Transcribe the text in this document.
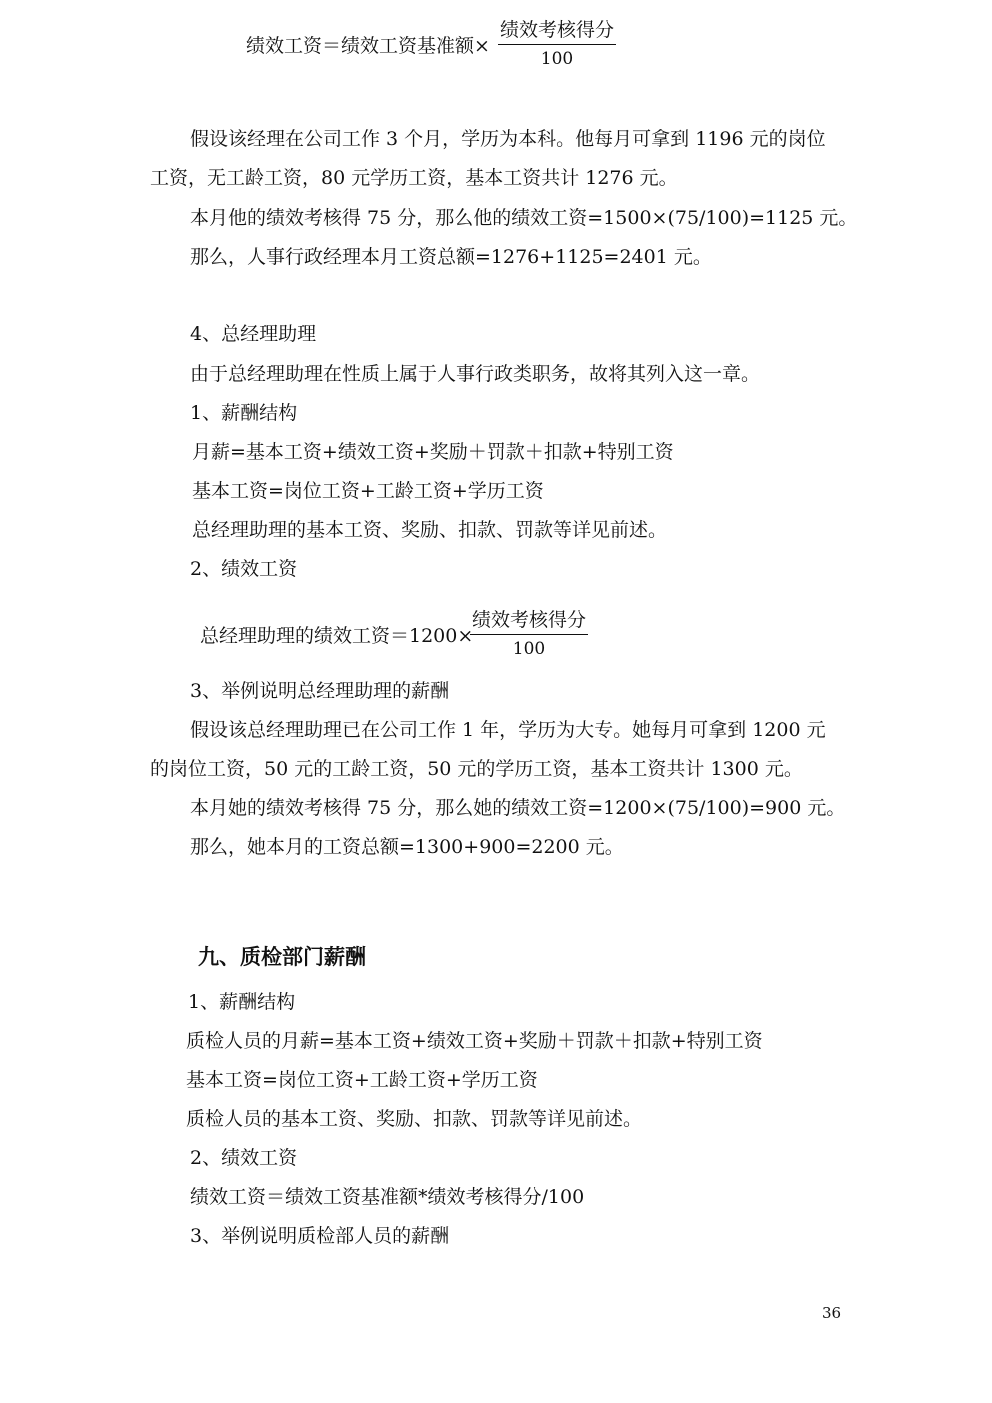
绩效工资＝绩效工资基准额×
绩效考核得分
100
假设该经理在公司工作 3 个月，学历为本科。他每月可拿到 1196 元的岗位
工资，无工龄工资，80 元学历工资，基本工资共计 1276 元。
本月他的绩效考核得 75 分，那么他的绩效工资=1500×(75/100)=1125 元。
那么，人事行政经理本月工资总额=1276+1125=2401 元。
4、总经理助理
由于总经理助理在性质上属于人事行政类职务，故将其列入这一章。
1、薪酬结构
月薪=基本工资+绩效工资+奖励＋罚款＋扣款+特别工资
基本工资=岗位工资+工龄工资+学历工资
总经理助理的基本工资、奖励、扣款、罚款等详见前述。
2、绩效工资
总经理助理的绩效工资＝1200×
绩效考核得分
100
3、举例说明总经理助理的薪酬
假设该总经理助理已在公司工作 1 年，学历为大专。她每月可拿到 1200 元
的岗位工资，50 元的工龄工资，50 元的学历工资，基本工资共计 1300 元。
本月她的绩效考核得 75 分，那么她的绩效工资=1200×(75/100)=900 元。
那么，她本月的工资总额=1300+900=2200 元。
九、质检部门薪酬
1、薪酬结构
质检人员的月薪=基本工资+绩效工资+奖励＋罚款＋扣款+特别工资
基本工资=岗位工资+工龄工资+学历工资
质检人员的基本工资、奖励、扣款、罚款等详见前述。
2、绩效工资
绩效工资＝绩效工资基准额*绩效考核得分/100
3、举例说明质检部人员的薪酬
36
